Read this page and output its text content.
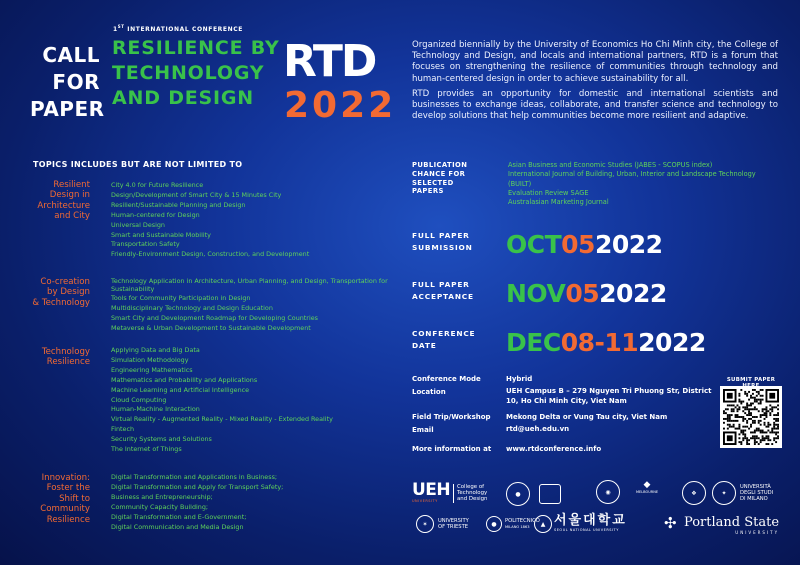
CALL
FOR
PAPER
1ST INTERNATIONAL CONFERENCE
RESILIENCE BY
TECHNOLOGY
AND DESIGN
RTD
2022

Organized biennially by the University of Economics Ho Chi Minh city, the College of Technology and Design, and locals and international partners, RTD is a forum that focuses on strengthening the resilience of communities through technology and human-centered design in order to achieve sustainability for all.

RTD provides an opportunity for domestic and international scientists and businesses to exchange ideas, collaborate, and transfer science and technology to develop solutions that help communities become more resilient and adaptive.

TOPICS INCLUDES BUT ARE NOT LIMITED TO
Resilient
Design in
Architecture
and City
City 4.0 for Future Resilience
Design/Development of Smart City & 15 Minutes City
Resilient/Sustainable Planning and Design
Human-centered for Design
Universal Design
Smart and Sustainable Mobility
Transportation Safety
Friendly-Environment Design, Construction, and Development
Co-creation
by Design
& Technology
Technology Application in Architecture, Urban Planning, and Design, Transportation for Sustainability
Tools for Community Participation in Design
Multidisciplinary Technology and Design Education
Smart City and Development Roadmap for Developing Countries
Metaverse & Urban Development to Sustainable Development
Technology
Resilience
Applying Data and Big Data
Simulation Methodology
Engineering Mathematics
Mathematics and Probability and Applications
Machine Learning and Artificial Intelligence
Cloud Computing
Human-Machine Interaction
Virtual Reality - Augmented Reality - Mixed Reality - Extended Reality
Fintech
Security Systems and Solutions
The Internet of Things
Innovation:
Foster the
Shift to
Community
Resilience
Digital Transformation and Applications in Business;
Digital Transformation and Apply for Transport Safety;
Business and Entrepreneurship;
Community Capacity Building;
Digital Transformation and E-Government;
Digital Communication and Media Design
PUBLICATION
CHANCE FOR
SELECTED
PAPERS
Asian Business and Economic Studies (JABES - SCOPUS index)
International Journal of Building, Urban, Interior and Landscape Technology (BUILT)
Evaluation Review SAGE
Australasian Marketing Journal
FULL PAPER
SUBMISSION OCT052022
FULL PAPER
ACCEPTANCE NOV052022
CONFERENCE
DATE	DEC08-112022
Conference Mode	Hybrid
Location	UEH Campus B – 279 Nguyen Tri Phuong Str, District 10, Ho Chi Minh City, Viet Nam
Field Trip/Workshop Mekong Delta or Vung Tau city, Viet Nam
Email	rtd@ueh.edu.vn
More information at www.rtdconference.info
SUBMIT PAPER
UEH
UNIVERSITY
College of
Technology
and Design
●	◉
◆
MELBOURNE	❖	✦
UNIVERSITÀ
DEGLI STUDI
DI MILANO
✶	UNIVERSITY
OF TRIESTE	●	POLITECNICO
MILANO 1863	▲ 서울대학교
SEOUL NATIONAL UNIVERSITY	✣ Portland State
UNIVERSITY
